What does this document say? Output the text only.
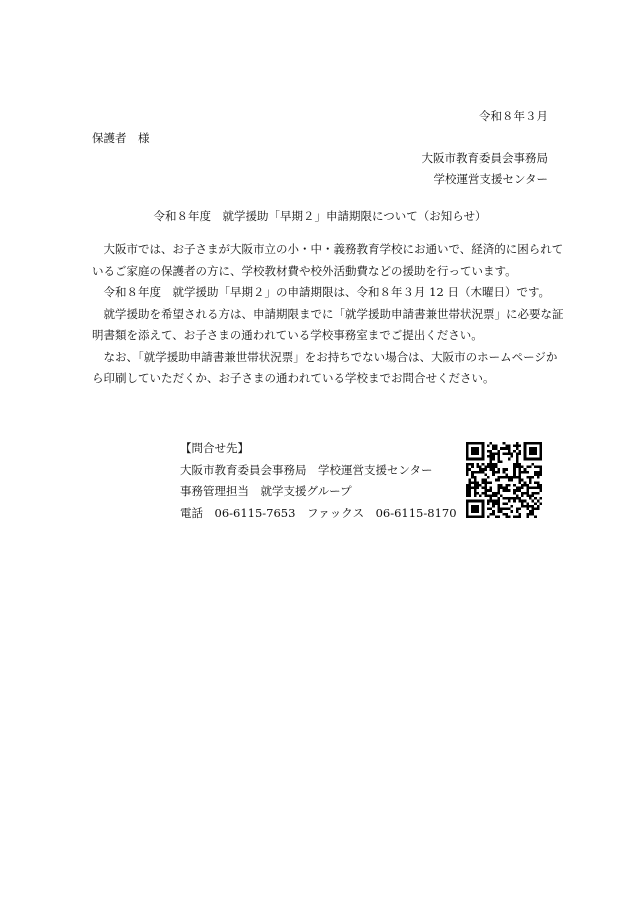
令和８年３月
保護者　様
大阪市教育委員会事務局
学校運営支援センター
令和８年度　就学援助「早期２」申請期限について（お知らせ）

　大阪市では、お子さまが大阪市立の小・中・義務教育学校にお通いで、経済的に困られて

いるご家庭の保護者の方に、学校教材費や校外活動費などの援助を行っています。

　令和８年度　就学援助「早期２」の申請期限は、令和８年３月 12 日（木曜日）です。

　就学援助を希望される方は、申請期限までに「就学援助申請書兼世帯状況票」に必要な証

明書類を添えて、お子さまの通われている学校事務室までご提出ください。

　なお、「就学援助申請書兼世帯状況票」をお持ちでない場合は、大阪市のホームページか

ら印刷していただくか、お子さまの通われている学校までお問合せください。

【問合せ先】
大阪市教育委員会事務局　学校運営支援センター
事務管理担当　就学支援グループ
電話　06-6115-7653　ファックス　06-6115-8170
